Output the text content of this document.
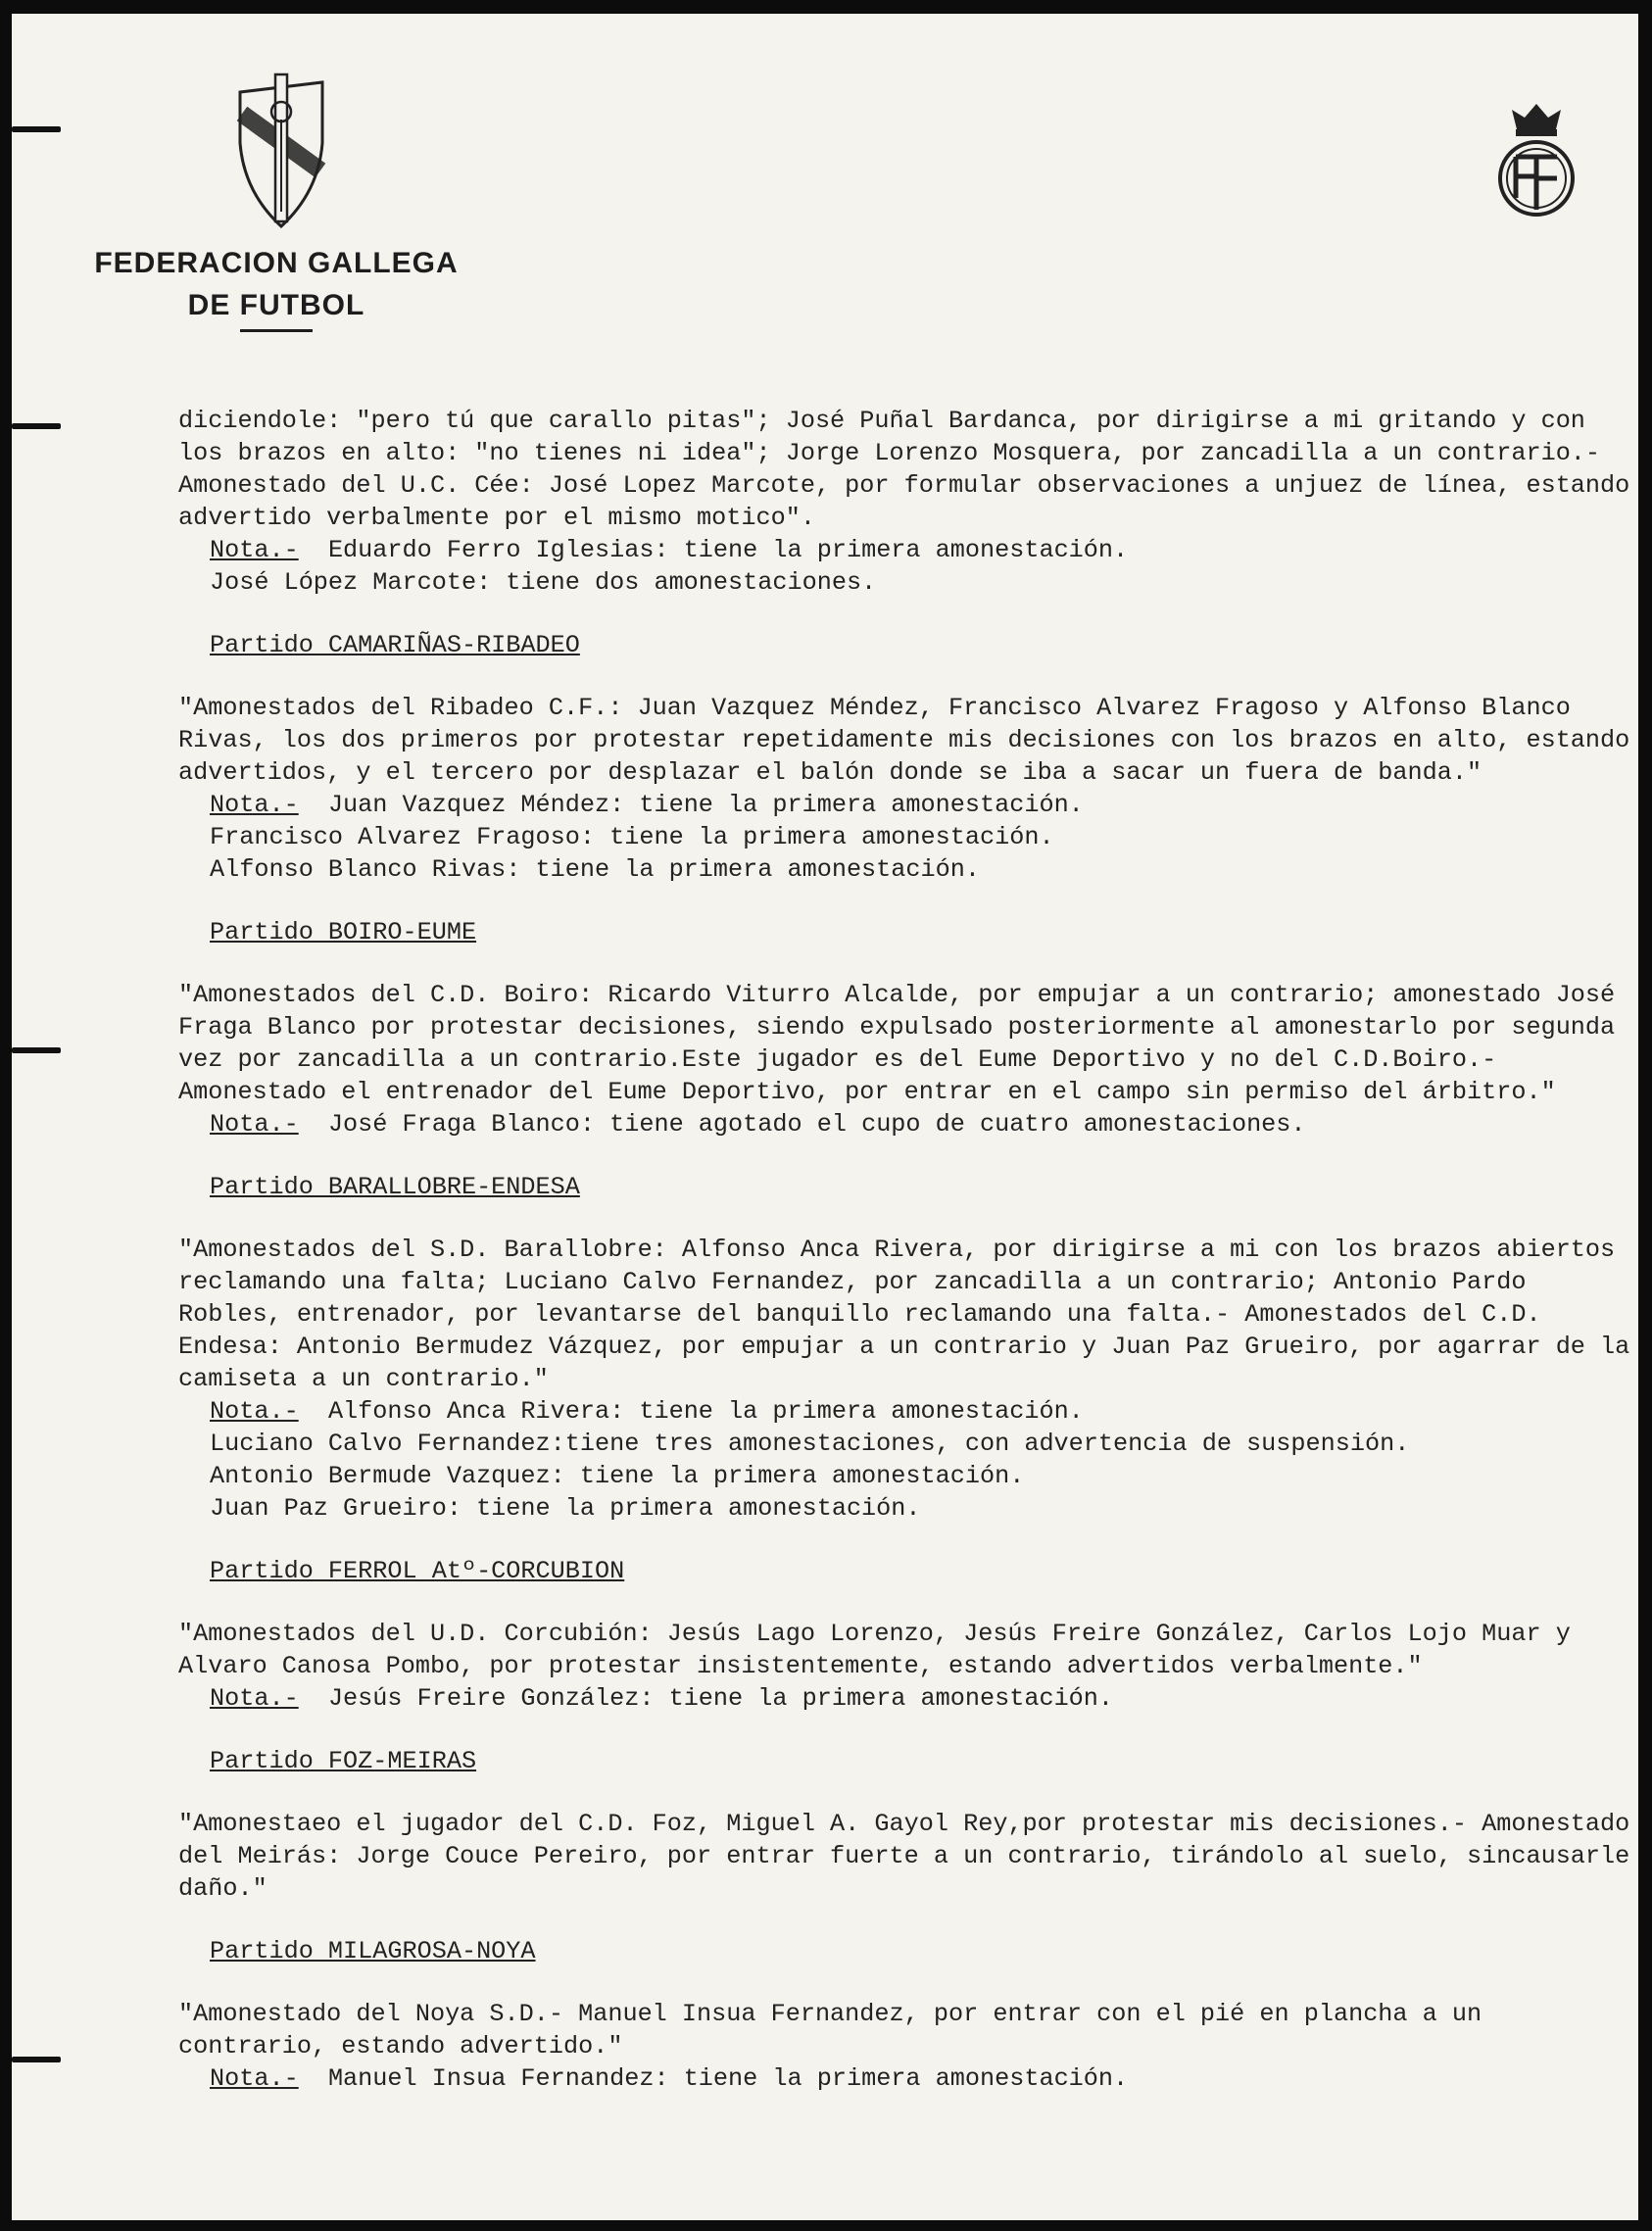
FEDERACION GALLEGA
DE FUTBOL
diciendole: "pero tú que carallo pitas"; José Puñal Bardanca, por dirigirse a mi gritando y con los brazos en alto: "no tienes ni idea"; Jorge Lorenzo Mosquera, por zancadilla a un contrario.- Amonestado del U.C. Cée: José Lopez Marcote, por formular observaciones a unjuez de línea, estando advertido verbalmente por el mismo motico".
Nota.- Eduardo Ferro Iglesias: tiene la primera amonestación.
José López Marcote: tiene dos amonestaciones.
Partido CAMARIÑAS-RIBADEO
"Amonestados del Ribadeo C.F.: Juan Vazquez Méndez, Francisco Alvarez Fragoso y Alfonso Blanco Rivas, los dos primeros por protestar repetidamente mis decisiones con los brazos en alto, estando advertidos, y el tercero por desplazar el balón donde se iba a sacar un fuera de banda."
Nota.- Juan Vazquez Méndez: tiene la primera amonestación.
Francisco Alvarez Fragoso: tiene la primera amonestación.
Alfonso Blanco Rivas: tiene la primera amonestación.
Partido BOIRO-EUME
"Amonestados del C.D. Boiro: Ricardo Viturro Alcalde, por empujar a un contrario; amonestado José Fraga Blanco por protestar decisiones, siendo expulsado posteriormente al amonestarlo por segunda vez por zancadilla a un contrario.Este jugador es del Eume Deportivo y no del C.D.Boiro.- Amonestado el entrenador del Eume Deportivo, por entrar en el campo sin permiso del árbitro."
Nota.- José Fraga Blanco: tiene agotado el cupo de cuatro amonestaciones.
Partido BARALLOBRE-ENDESA
"Amonestados del S.D. Barallobre: Alfonso Anca Rivera, por dirigirse a mi con los brazos abiertos reclamando una falta; Luciano Calvo Fernandez, por zancadilla a un contrario; Antonio Pardo Robles, entrenador, por levantarse del banquillo reclamando una falta.- Amonestados del C.D. Endesa: Antonio Bermudez Vázquez, por empujar a un contrario y Juan Paz Grueiro, por agarrar de la camiseta a un contrario."
Nota.- Alfonso Anca Rivera: tiene la primera amonestación.
Luciano Calvo Fernandez:tiene tres amonestaciones, con advertencia de suspensión.
Antonio Bermude Vazquez: tiene la primera amonestación.
Juan Paz Grueiro: tiene la primera amonestación.
Partido FERROL Atº-CORCUBION
"Amonestados del U.D. Corcubión: Jesús Lago Lorenzo, Jesús Freire González, Carlos Lojo Muar y Alvaro Canosa Pombo, por protestar insistentemente, estando advertidos verbalmente."
Nota.- Jesús Freire González: tiene la primera amonestación.
Partido FOZ-MEIRAS
"Amonestaeo el jugador del C.D. Foz, Miguel A. Gayol Rey,por protestar mis decisiones.- Amonestado del Meirás: Jorge Couce Pereiro, por entrar fuerte a un contrario, tirándolo al suelo, sincausarle daño."
Partido MILAGROSA-NOYA
"Amonestado del Noya S.D.- Manuel Insua Fernandez, por entrar con el pié en plancha a un contrario, estando advertido."
Nota.- Manuel Insua Fernandez: tiene la primera amonestación.
